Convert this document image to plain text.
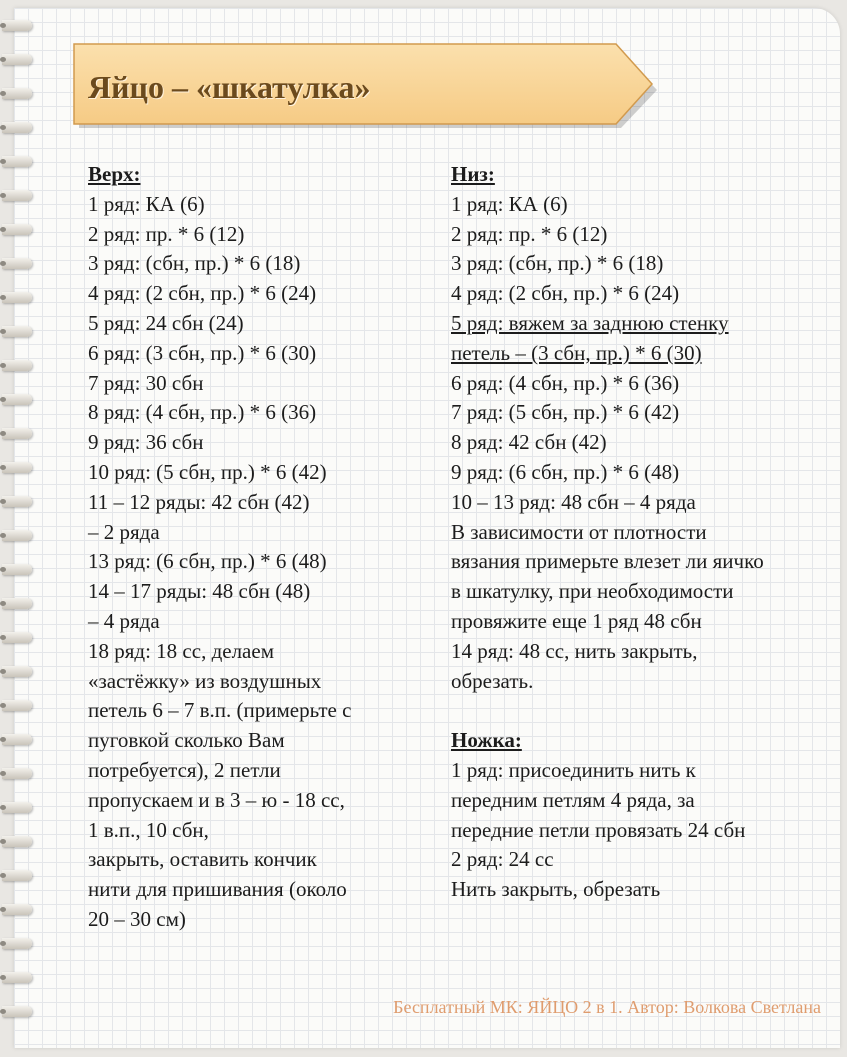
Яйцо – «шкатулка»
Верх:
1 ряд: КА (6)
2 ряд: пр. * 6 (12)
3 ряд: (сбн, пр.) * 6 (18)
4 ряд: (2 сбн, пр.) * 6 (24)
5 ряд: 24 сбн (24)
6 ряд: (3 сбн, пр.) * 6 (30)
7 ряд: 30 сбн
8 ряд: (4 сбн, пр.) * 6 (36)
9 ряд: 36 сбн
10 ряд: (5 сбн, пр.) * 6 (42)
11 – 12 ряды: 42 сбн (42)
– 2 ряда
13 ряд: (6 сбн, пр.) * 6 (48)
14 – 17 ряды: 48 сбн (48)
– 4 ряда
18 ряд: 18 сс, делаем
«застёжку» из воздушных
петель 6 – 7 в.п. (примерьте с
пуговкой сколько Вам
потребуется), 2 петли
пропускаем и в 3 – ю - 18 сс,
1 в.п., 10 сбн,
закрыть, оставить кончик
нити для пришивания (около
20 – 30 см)
Низ:
1 ряд: КА (6)
2 ряд: пр. * 6 (12)
3 ряд: (сбн, пр.) * 6 (18)
4 ряд: (2 сбн, пр.) * 6 (24)
5 ряд: вяжем за заднюю стенку
петель – (3 сбн, пр.) * 6 (30)
6 ряд: (4 сбн, пр.) * 6 (36)
7 ряд: (5 сбн, пр.) * 6 (42)
8 ряд: 42 сбн (42)
9 ряд: (6 сбн, пр.) * 6 (48)
10 – 13 ряд: 48 сбн – 4 ряда
В зависимости от плотности
вязания примерьте влезет ли яичко
в шкатулку, при необходимости
провяжите еще 1 ряд 48 сбн
14 ряд: 48 сс, нить закрыть,
обрезать.
Ножка:
1 ряд: присоединить нить к
передним петлям 4 ряда, за
передние петли провязать 24 сбн
2 ряд: 24 сс
Нить закрыть, обрезать
Бесплатный МК: ЯЙЦО 2 в 1. Автор: Волкова Светлана
